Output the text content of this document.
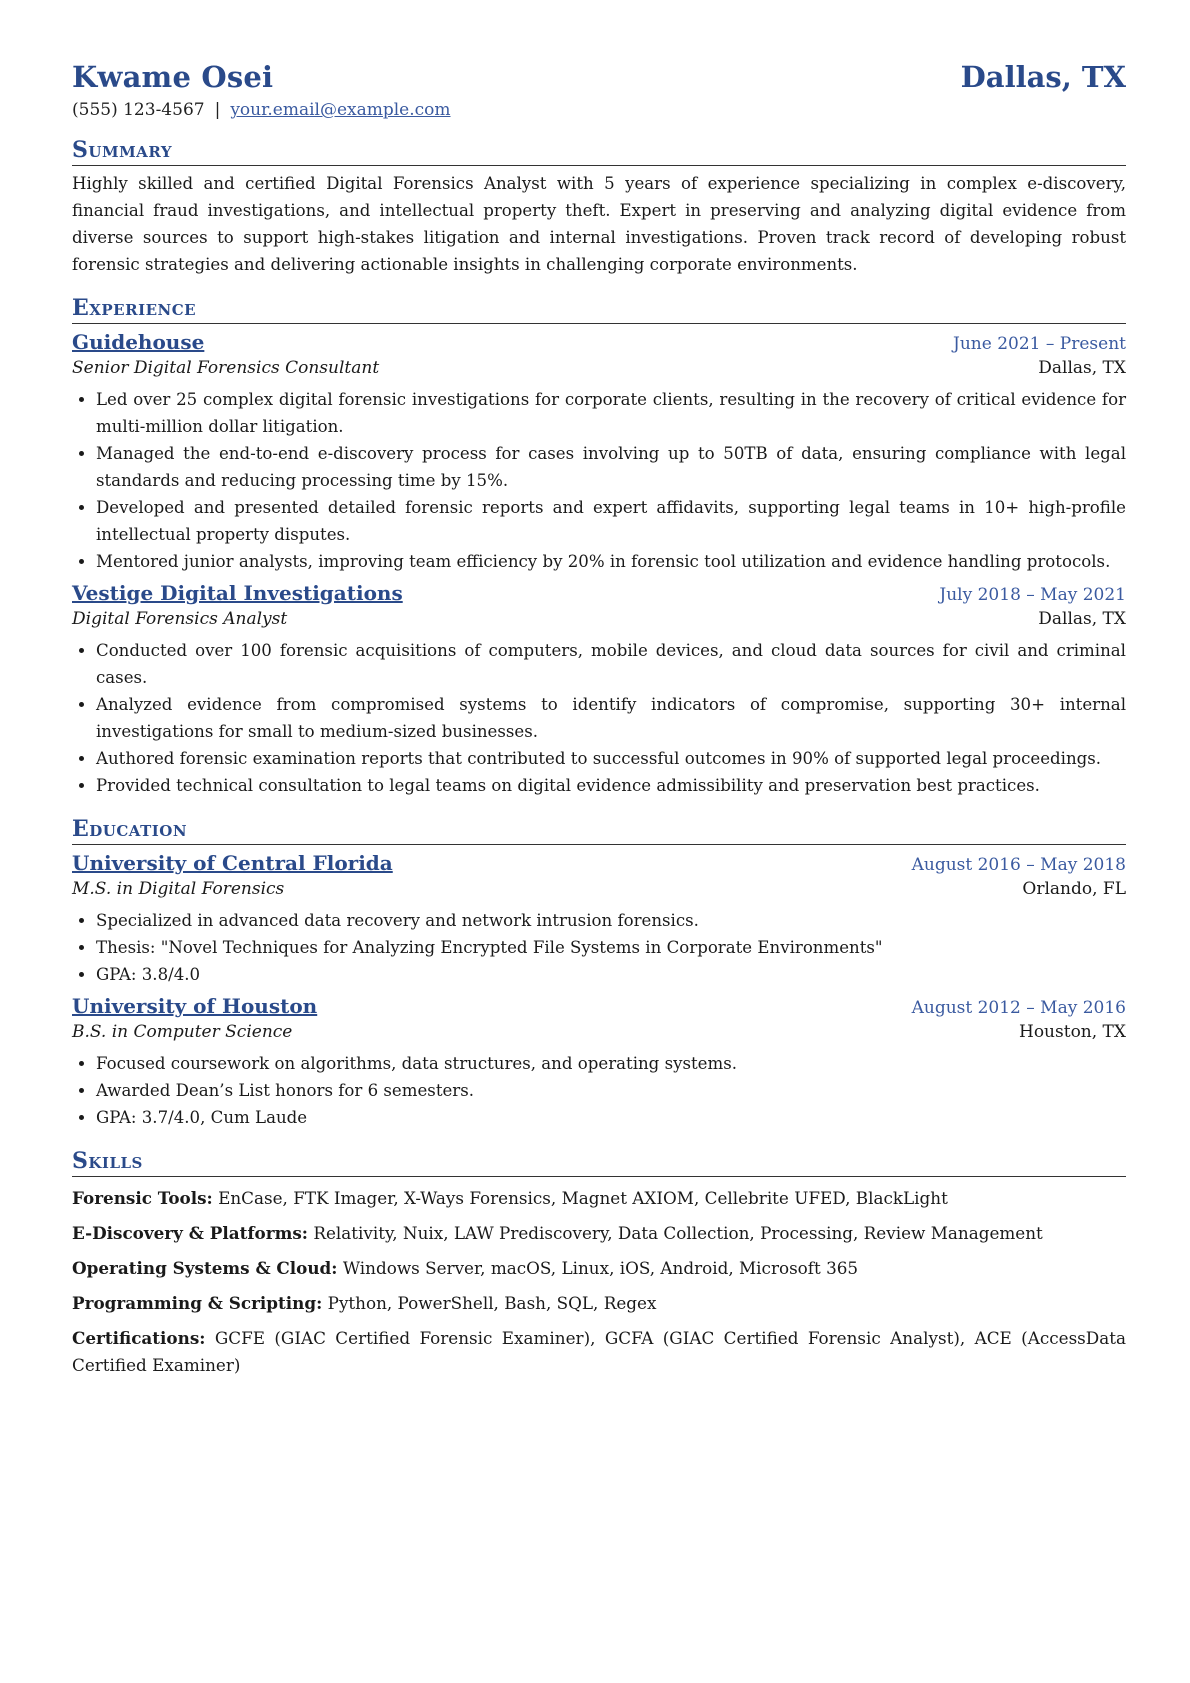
Kwame Osei	Dallas, TX
(555) 123-4567 | your.email@example.com
Summary
Highly skilled and certified Digital Forensics Analyst with 5 years of experience specializing in complex e-discovery, financial fraud investigations, and intellectual property theft. Expert in preserving and analyzing digital evidence from diverse sources to support high-stakes litigation and internal investigations. Proven track record of developing robust forensic strategies and delivering actionable insights in challenging corporate environments.
Experience
Guidehouse	June 2021 – Present
Senior Digital Forensics Consultant	Dallas, TX
• Led over 25 complex digital forensic investigations for corporate clients, resulting in the recovery of critical evidence for multi-million dollar litigation.
• Managed the end-to-end e-discovery process for cases involving up to 50TB of data, ensuring compliance with legal standards and reducing processing time by 15%.
• Developed and presented detailed forensic reports and expert affidavits, supporting legal teams in 10+ high-profile intellectual property disputes.
• Mentored junior analysts, improving team efficiency by 20% in forensic tool utilization and evidence handling protocols.
Vestige Digital Investigations	July 2018 – May 2021
Digital Forensics Analyst	Dallas, TX
• Conducted over 100 forensic acquisitions of computers, mobile devices, and cloud data sources for civil and criminal cases.
• Analyzed evidence from compromised systems to identify indicators of compromise, supporting 30+ internal investigations for small to medium-sized businesses.
• Authored forensic examination reports that contributed to successful outcomes in 90% of supported legal proceedings.
• Provided technical consultation to legal teams on digital evidence admissibility and preservation best practices.
Education
University of Central Florida	August 2016 – May 2018
M.S. in Digital Forensics	Orlando, FL
• Specialized in advanced data recovery and network intrusion forensics.
• Thesis: "Novel Techniques for Analyzing Encrypted File Systems in Corporate Environments"
• GPA: 3.8/4.0
University of Houston	August 2012 – May 2016
B.S. in Computer Science	Houston, TX
• Focused coursework on algorithms, data structures, and operating systems.
• Awarded Dean’s List honors for 6 semesters.
• GPA: 3.7/4.0, Cum Laude
Skills
Forensic Tools: EnCase, FTK Imager, X-Ways Forensics, Magnet AXIOM, Cellebrite UFED, BlackLight
E-Discovery & Platforms: Relativity, Nuix, LAW Prediscovery, Data Collection, Processing, Review Management
Operating Systems & Cloud: Windows Server, macOS, Linux, iOS, Android, Microsoft 365
Programming & Scripting: Python, PowerShell, Bash, SQL, Regex
Certifications: GCFE (GIAC Certified Forensic Examiner), GCFA (GIAC Certified Forensic Analyst), ACE (AccessData Certified Examiner)
